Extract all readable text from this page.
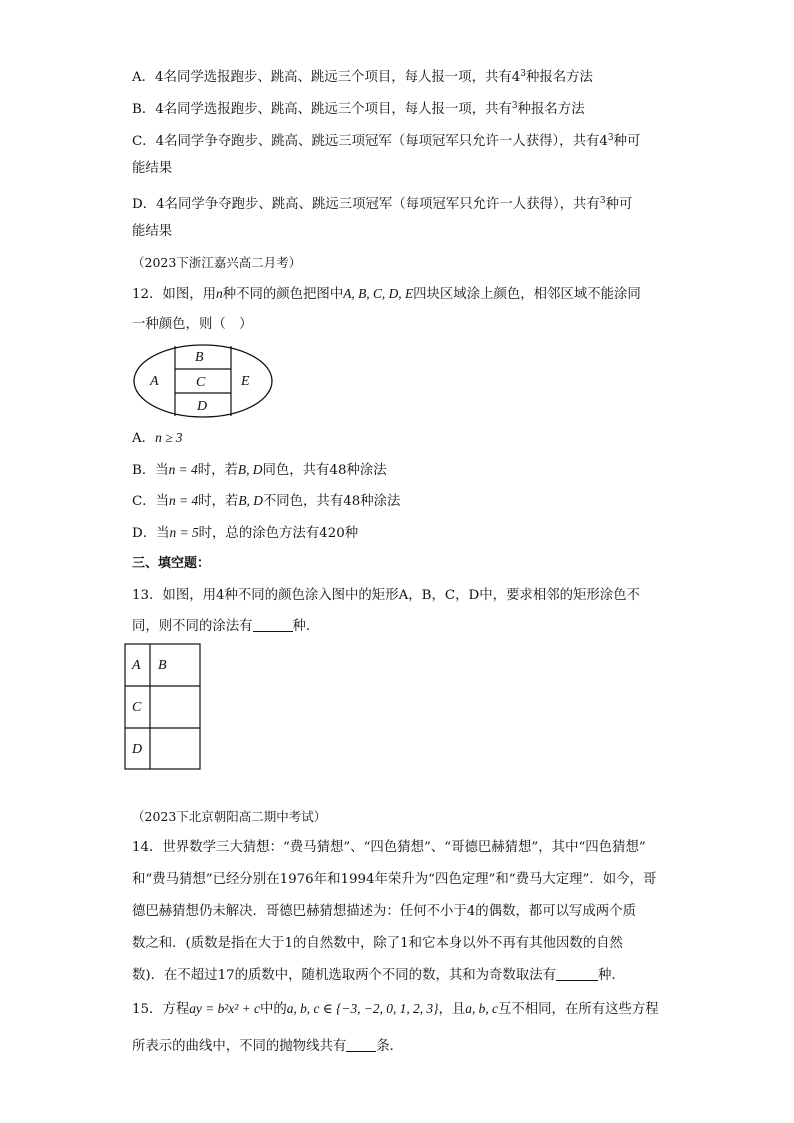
A．4名同学选报跑步、跳高、跳远三个项目，每人报一项，共有$4^3$种报名方法
B．4名同学选报跑步、跳高、跳远三个项目，每人报一项，共有$^3$种报名方法
C．4名同学争夺跑步、跳高、跳远三项冠军（每项冠军只允许一人获得），共有$4^3$种可
能结果
D．4名同学争夺跑步、跳高、跳远三项冠军（每项冠军只允许一人获得），共有$^3$种可
能结果
（2023下浙江嘉兴高二月考）
12．如图，用n种不同的颜色把图中A, B, C, D, E四块区域涂上颜色，相邻区域不能涂同
一种颜色，则（　）
A
B
C
D
E
A．n ≥ 3
B．当n = 4时，若B, D同色，共有48种涂法
C．当n = 4时，若B, D不同色，共有48种涂法
D．当n = 5时，总的涂色方法有420种
三、填空题：
13．如图，用4种不同的颜色涂入图中的矩形A，B，C，D中，要求相邻的矩形涂色不
同，则不同的涂法有	种.
A B
C
D
（2023下北京朝阳高二期中考试）
14．世界数学三大猜想：“费马猜想”、“四色猜想”、“哥德巴赫猜想”，其中“四色猜想”
和“费马猜想”已经分别在1976年和1994年荣升为“四色定理”和“费马大定理”．如今，哥
德巴赫猜想仍未解决．哥德巴赫猜想描述为：任何不小于4的偶数，都可以写成两个质
数之和．(质数是指在大于1的自然数中，除了1和它本身以外不再有其他因数的自然
数)．在不超过17的质数中，随机选取两个不同的数，其和为奇数取法有	种．
15．方程ay = b²x² + c中的a, b, c ∈ {−3, −2, 0, 1, 2, 3}，且a, b, c互不相同，在所有这些方程
所表示的曲线中，不同的抛物线共有 条．
